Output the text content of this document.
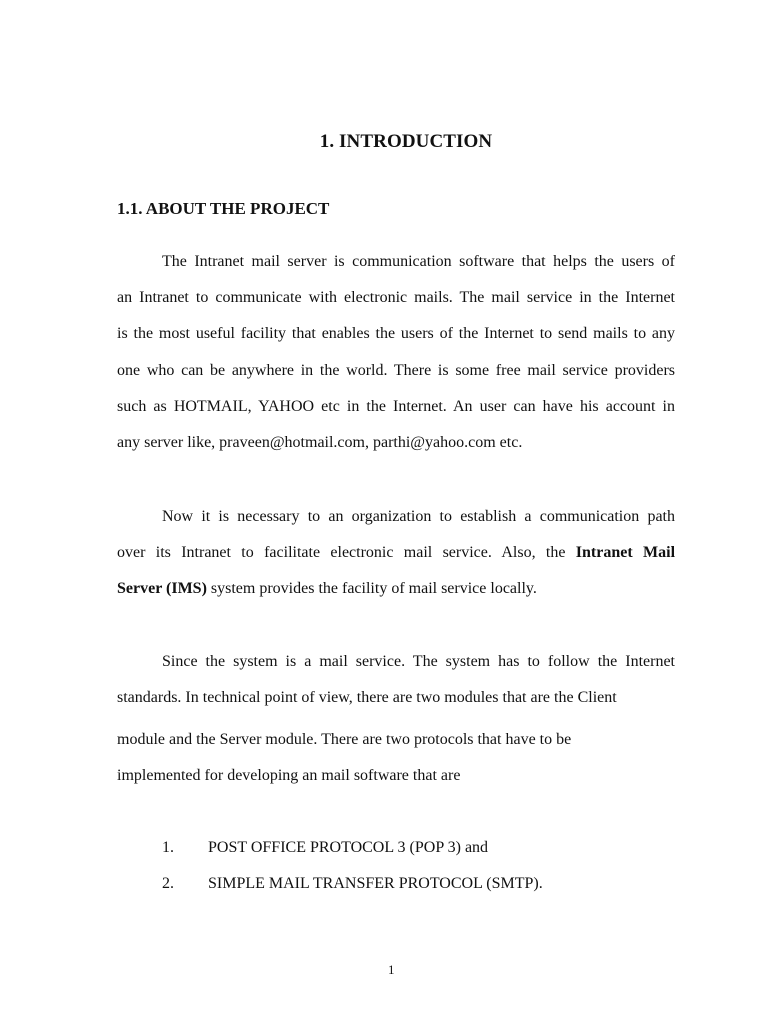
1. INTRODUCTION
1.1. ABOUT THE PROJECT
The Intranet mail server is communication software that helps the users of
an Intranet to communicate with electronic mails. The mail service in the Internet
is the most useful facility that enables the users of the Internet to send mails to any
one who can be anywhere in the world. There is some free mail service providers
such as HOTMAIL, YAHOO etc in the Internet. An user can have his account in
any server like, praveen@hotmail.com, parthi@yahoo.com etc.
Now it is necessary to an organization to establish a communication path
over its Intranet to facilitate electronic mail service. Also, the Intranet Mail
Server (IMS) system provides the facility of mail service locally.
Since the system is a mail service. The system has to follow the Internet
standards. In technical point of view, there are two modules that are the Client
module and the Server module. There are two protocols that have to be
implemented for developing an mail software that are
1. POST OFFICE PROTOCOL 3 (POP 3) and
2. SIMPLE MAIL TRANSFER PROTOCOL (SMTP).
1
